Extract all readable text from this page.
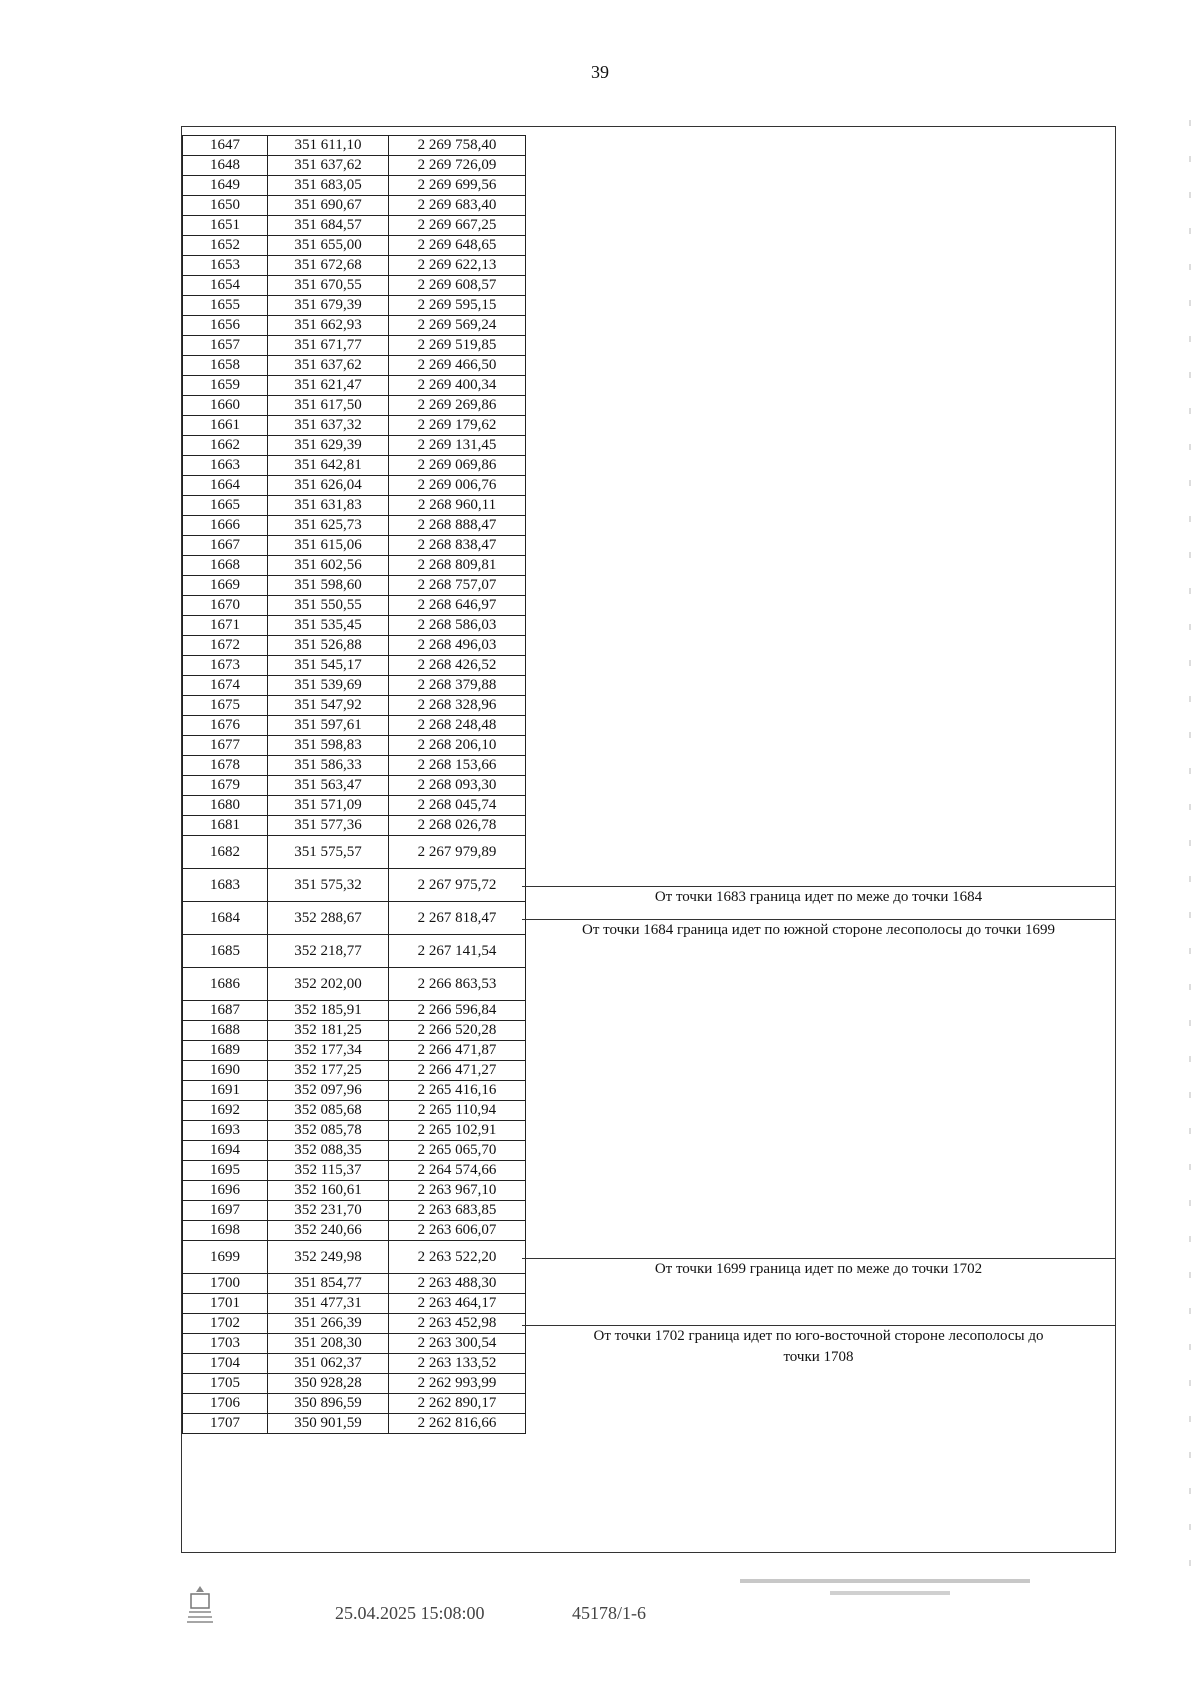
39
1647	351 611,10	2 269 758,40
1648	351 637,62	2 269 726,09
1649	351 683,05	2 269 699,56
1650	351 690,67	2 269 683,40
1651	351 684,57	2 269 667,25
1652	351 655,00	2 269 648,65
1653	351 672,68	2 269 622,13
1654	351 670,55	2 269 608,57
1655	351 679,39	2 269 595,15
1656	351 662,93	2 269 569,24
1657	351 671,77	2 269 519,85
1658	351 637,62	2 269 466,50
1659	351 621,47	2 269 400,34
1660	351 617,50	2 269 269,86
1661	351 637,32	2 269 179,62
1662	351 629,39	2 269 131,45
1663	351 642,81	2 269 069,86
1664	351 626,04	2 269 006,76
1665	351 631,83	2 268 960,11
1666	351 625,73	2 268 888,47
1667	351 615,06	2 268 838,47
1668	351 602,56	2 268 809,81
1669	351 598,60	2 268 757,07
1670	351 550,55	2 268 646,97
1671	351 535,45	2 268 586,03
1672	351 526,88	2 268 496,03
1673	351 545,17	2 268 426,52
1674	351 539,69	2 268 379,88
1675	351 547,92	2 268 328,96
1676	351 597,61	2 268 248,48
1677	351 598,83	2 268 206,10
1678	351 586,33	2 268 153,66
1679	351 563,47	2 268 093,30
1680	351 571,09	2 268 045,74
1681	351 577,36	2 268 026,78
1682	351 575,57	2 267 979,89
1683	351 575,32	2 267 975,72
1684	352 288,67	2 267 818,47
1685	352 218,77	2 267 141,54
1686	352 202,00	2 266 863,53
1687	352 185,91	2 266 596,84
1688	352 181,25	2 266 520,28
1689	352 177,34	2 266 471,87
1690	352 177,25	2 266 471,27
1691	352 097,96	2 265 416,16
1692	352 085,68	2 265 110,94
1693	352 085,78	2 265 102,91
1694	352 088,35	2 265 065,70
1695	352 115,37	2 264 574,66
1696	352 160,61	2 263 967,10
1697	352 231,70	2 263 683,85
1698	352 240,66	2 263 606,07
1699	352 249,98	2 263 522,20
1700	351 854,77	2 263 488,30
1701	351 477,31	2 263 464,17
1702	351 266,39	2 263 452,98
1703	351 208,30	2 263 300,54
1704	351 062,37	2 263 133,52
1705	350 928,28	2 262 993,99
1706	350 896,59	2 262 890,17
1707	350 901,59	2 262 816,66
От точки 1683 граница идет по меже до точки 1684
От точки 1684 граница идет по южной стороне лесополосы до точки 1699
От точки 1699 граница идет по меже до точки 1702
От точки 1702 граница идет по юго-восточной стороне лесополосы до
точки 1708
25.04.2025 15:08:00	45178/1-6
